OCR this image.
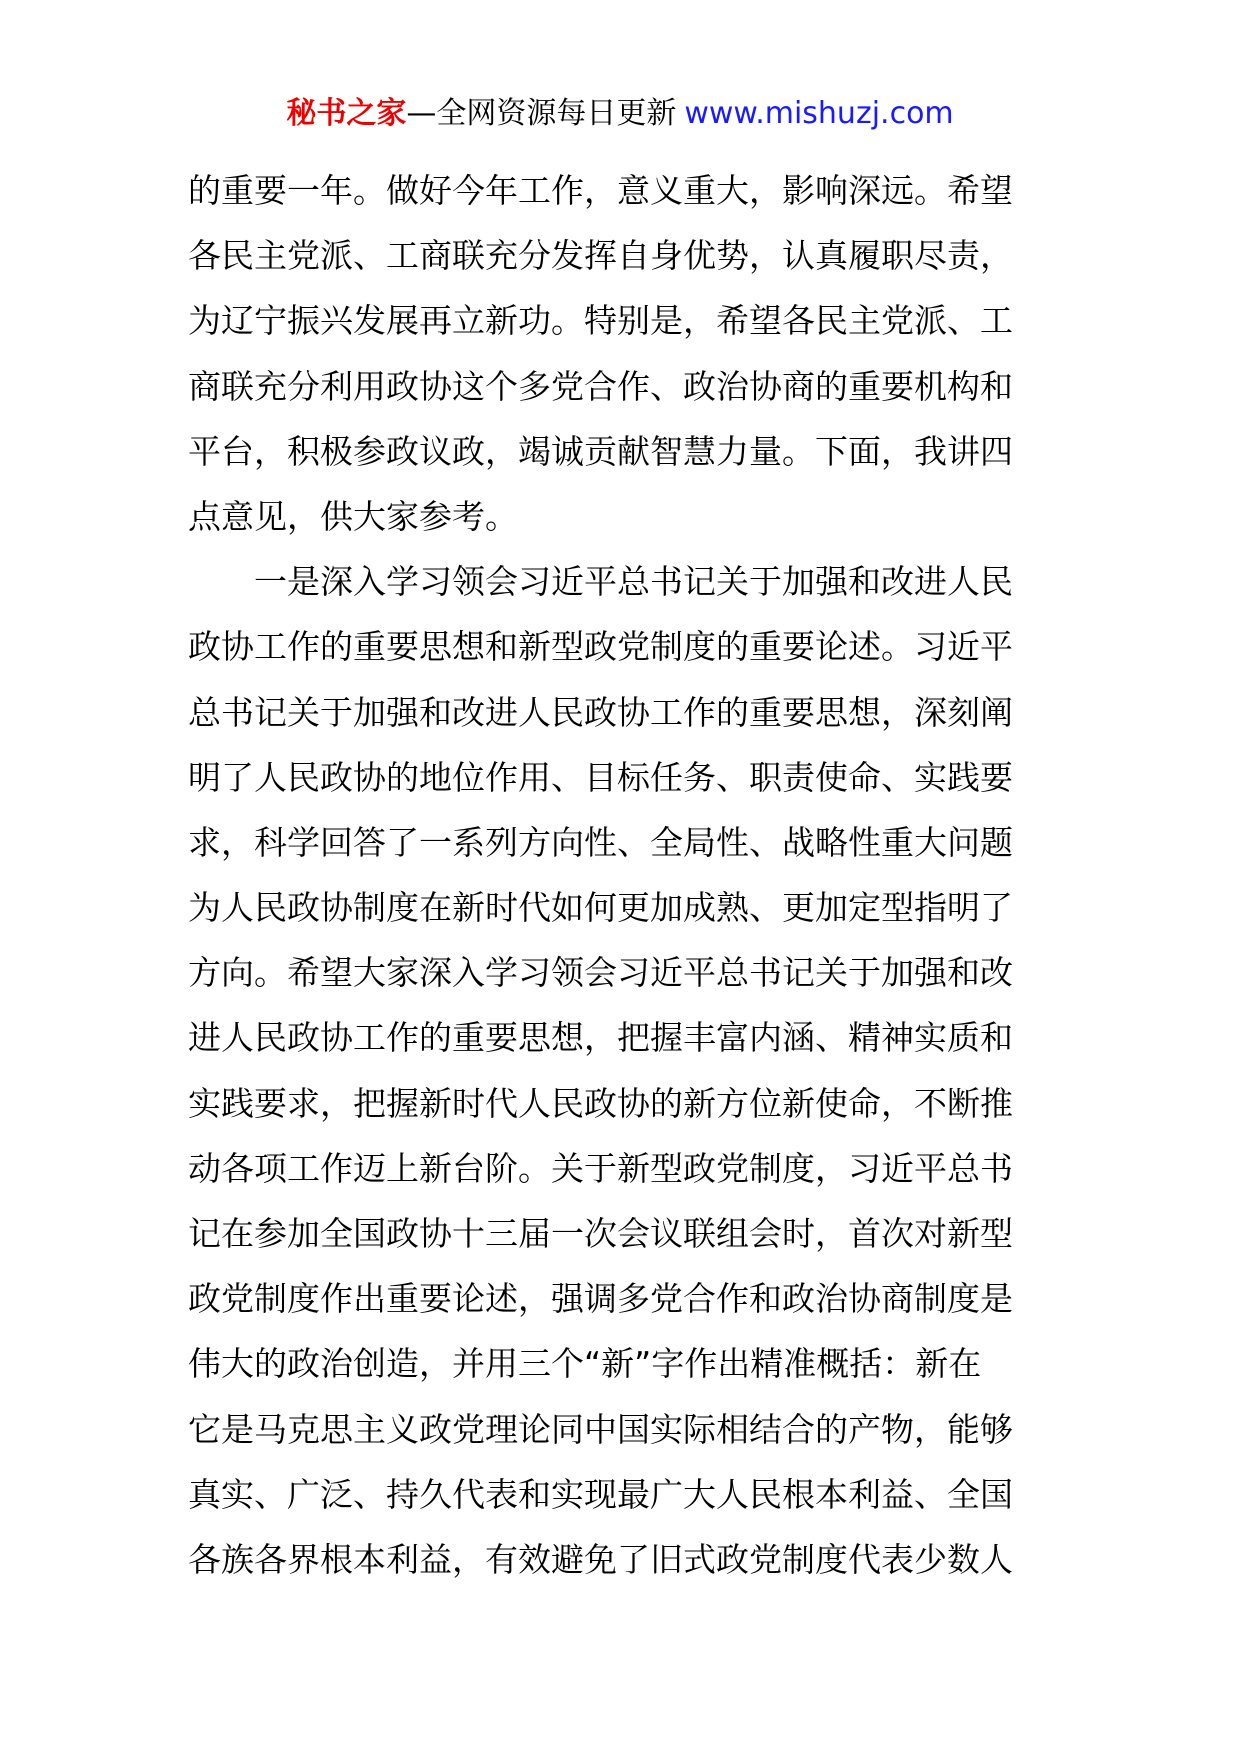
秘书之家—全网资源每日更新 www.mishuzj.com
的重要一年。做好今年工作，意义重大，影响深远。希望
各民主党派、工商联充分发挥自身优势，认真履职尽责，
为辽宁振兴发展再立新功。特别是，希望各民主党派、工
商联充分利用政协这个多党合作、政治协商的重要机构和
平台，积极参政议政，竭诚贡献智慧力量。下面，我讲四
点意见，供大家参考。
一是深入学习领会习近平总书记关于加强和改进人民
政协工作的重要思想和新型政党制度的重要论述。习近平
总书记关于加强和改进人民政协工作的重要思想，深刻阐
明了人民政协的地位作用、目标任务、职责使命、实践要
求，科学回答了一系列方向性、全局性、战略性重大问题
为人民政协制度在新时代如何更加成熟、更加定型指明了
方向。希望大家深入学习领会习近平总书记关于加强和改
进人民政协工作的重要思想，把握丰富内涵、精神实质和
实践要求，把握新时代人民政协的新方位新使命，不断推
动各项工作迈上新台阶。关于新型政党制度，习近平总书
记在参加全国政协十三届一次会议联组会时，首次对新型
政党制度作出重要论述，强调多党合作和政治协商制度是
伟大的政治创造，并用三个“新”字作出精准概括：新在
它是马克思主义政党理论同中国实际相结合的产物，能够
真实、广泛、持久代表和实现最广大人民根本利益、全国
各族各界根本利益，有效避免了旧式政党制度代表少数人
